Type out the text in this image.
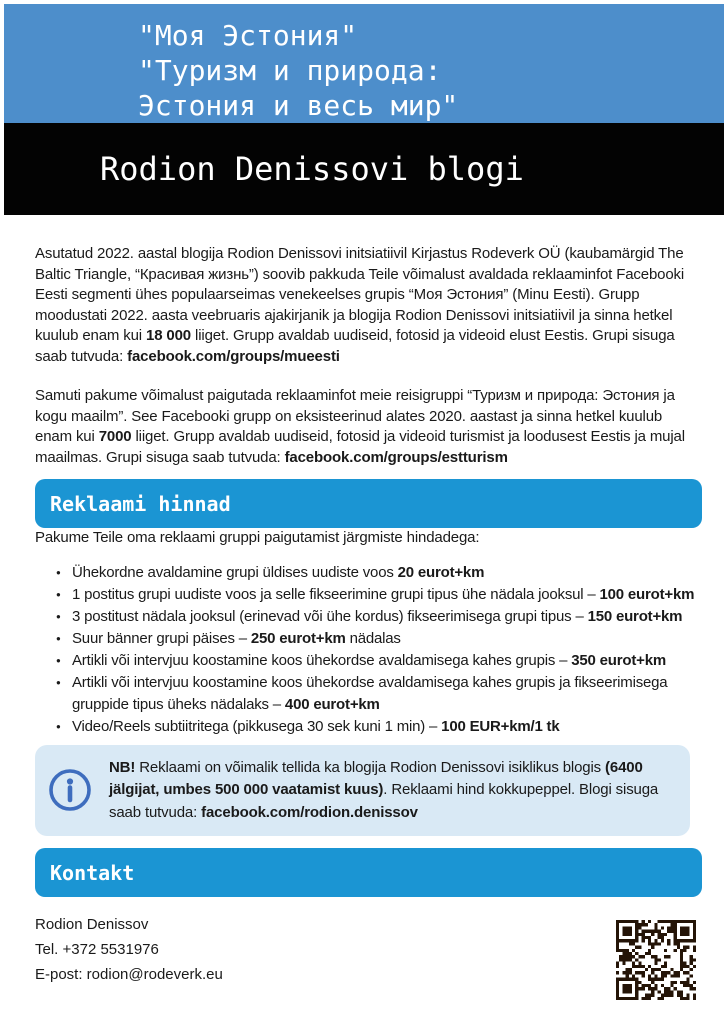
"Моя Эстония"
"Туризм и природа:
Эстония и весь мир"
Rodion Denissovi blogi

Asutatud 2022. aastal blogija Rodion Denissovi initsiatiivil Kirjastus Rodeverk OÜ (kaubamärgid The Baltic Triangle, “Красивая жизнь”) soovib pakkuda Teile võimalust avaldada reklaaminfot Facebooki Eesti segmenti ühes populaarseimas venekeelses grupis “Моя Эстония” (Minu Eesti). Grupp moodustati 2022. aasta veebruaris ajakirjanik ja blogija Rodion Denissovi initsiatiivil ja sinna hetkel kuulub enam kui 18 000 liiget. Grupp avaldab uudiseid, fotosid ja videoid elust Eestis. Grupi sisuga saab tutvuda: facebook.com/groups/mueesti

Samuti pakume võimalust paigutada reklaaminfot meie reisigruppi “Туризм и природа: Эстония ja kogu maailm”. See Facebooki grupp on eksisteerinud alates 2020. aastast ja sinna hetkel kuulub enam kui 7000 liiget. Grupp avaldab uudiseid, fotosid ja videoid turismist ja loodusest Eestis ja mujal maailmas. Grupi sisuga saab tutvuda: facebook.com/groups/estturism

Reklaami hinnad

Pakume Teile oma reklaami gruppi paigutamist järgmiste hindadega:

● Ühekordne avaldamine grupi üldises uudiste voos 20 eurot+km
● 1 postitus grupi uudiste voos ja selle fikseerimine grupi tipus ühe nädala jooksul – 100 eurot+km
● 3 postitust nädala jooksul (erinevad või ühe kordus) fikseerimisega grupi tipus – 150 eurot+km
● Suur bänner grupi päises – 250 eurot+km nädalas
● Artikli või intervjuu koostamine koos ühekordse avaldamisega kahes grupis – 350 eurot+km
● Artikli või intervjuu koostamine koos ühekordse avaldamisega kahes grupis ja fikseerimisega gruppide tipus üheks nädalaks – 400 eurot+km
● Video/Reels subtiitritega (pikkusega 30 sek kuni 1 min) – 100 EUR+km/1 tk
NB! Reklaami on võimalik tellida ka blogija Rodion Denissovi isiklikus blogis (6400 jälgijat, umbes 500 000 vaatamist kuus). Reklaami hind kokkupeppel. Blogi sisuga saab tutvuda: facebook.com/rodion.denissov
Kontakt
Rodion Denissov
Tel. +372 5531976
E-post: rodion@rodeverk.eu
